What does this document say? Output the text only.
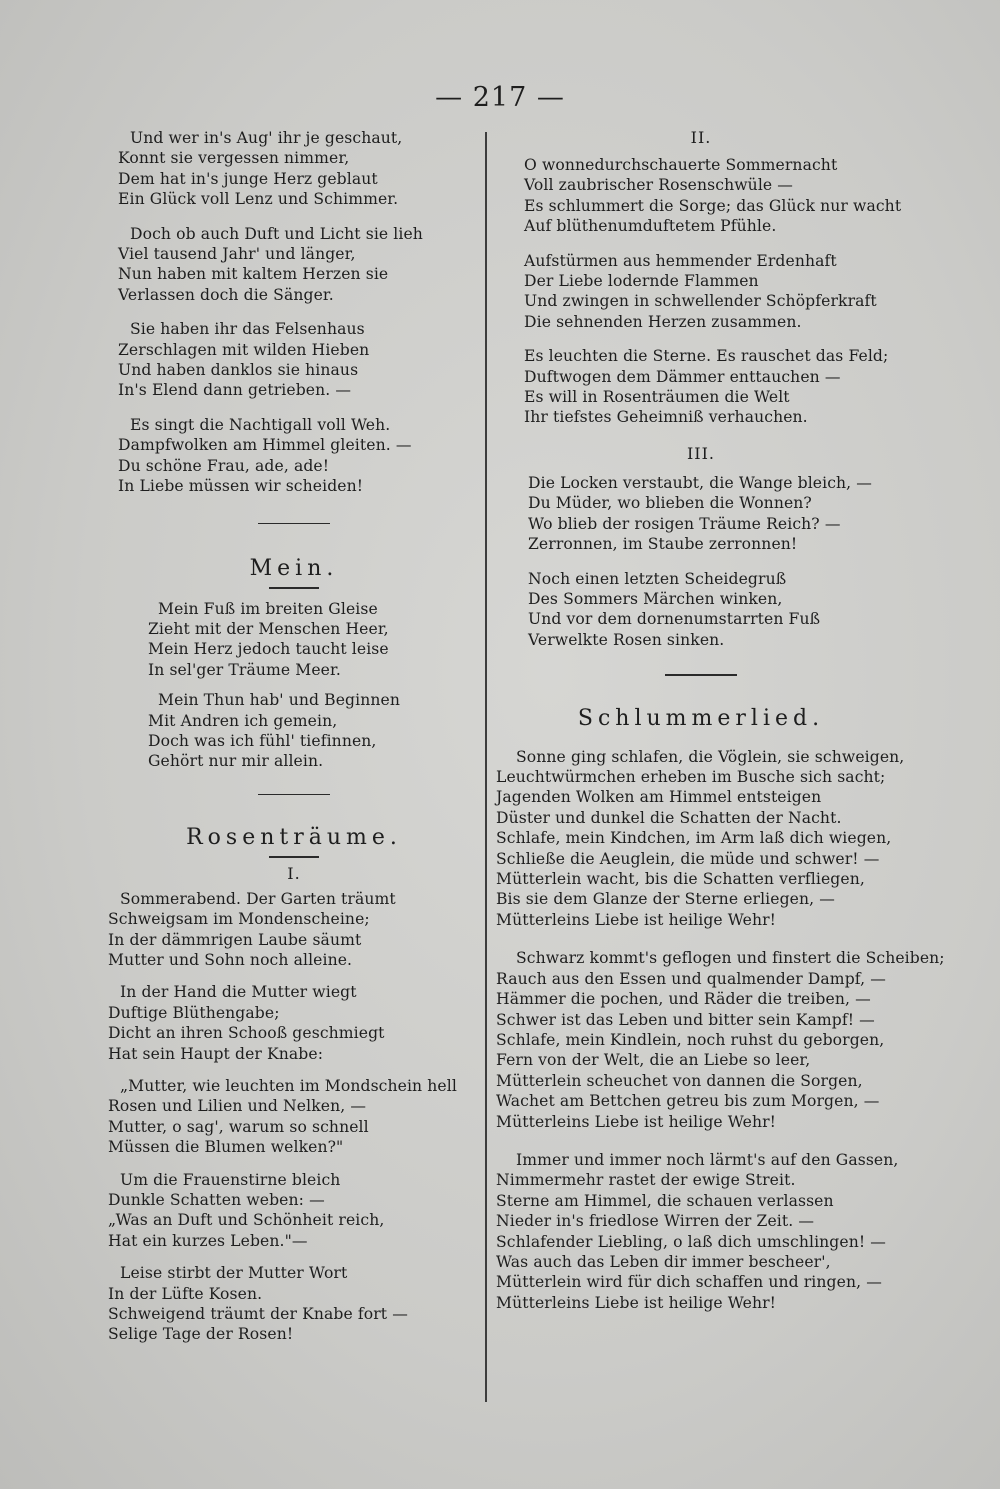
— 217 —
Und wer in's Aug' ihr je geschaut,
Konnt sie vergessen nimmer,
Dem hat in's junge Herz geblaut
Ein Glück voll Lenz und Schimmer.
Doch ob auch Duft und Licht sie lieh
Viel tausend Jahr' und länger,
Nun haben mit kaltem Herzen sie
Verlassen doch die Sänger.
Sie haben ihr das Felsenhaus
Zerschlagen mit wilden Hieben
Und haben danklos sie hinaus
In's Elend dann getrieben. —
Es singt die Nachtigall voll Weh.
Dampfwolken am Himmel gleiten. —
Du schöne Frau, ade, ade!
In Liebe müssen wir scheiden!
Mein.
Mein Fuß im breiten Gleise
Zieht mit der Menschen Heer,
Mein Herz jedoch taucht leise
In sel'ger Träume Meer.
Mein Thun hab' und Beginnen
Mit Andren ich gemein,
Doch was ich fühl' tiefinnen,
Gehört nur mir allein.
Rosenträume.
I.
Sommerabend. Der Garten träumt
Schweigsam im Mondenscheine;
In der dämmrigen Laube säumt
Mutter und Sohn noch alleine.
In der Hand die Mutter wiegt
Duftige Blüthengabe;
Dicht an ihren Schooß geschmiegt
Hat sein Haupt der Knabe:
„Mutter, wie leuchten im Mondschein hell
Rosen und Lilien und Nelken, —
Mutter, o sag', warum so schnell
Müssen die Blumen welken?"
Um die Frauenstirne bleich
Dunkle Schatten weben: —
„Was an Duft und Schönheit reich,
Hat ein kurzes Leben."—
Leise stirbt der Mutter Wort
In der Lüfte Kosen.
Schweigend träumt der Knabe fort —
Selige Tage der Rosen!
II.
O wonnedurchschauerte Sommernacht
Voll zaubrischer Rosenschwüle —
Es schlummert die Sorge; das Glück nur wacht
Auf blüthenumduftetem Pfühle.
Aufstürmen aus hemmender Erdenhaft
Der Liebe lodernde Flammen
Und zwingen in schwellender Schöpferkraft
Die sehnenden Herzen zusammen.
Es leuchten die Sterne. Es rauschet das Feld;
Duftwogen dem Dämmer enttauchen —
Es will in Rosenträumen die Welt
Ihr tiefstes Geheimniß verhauchen.
III.
Die Locken verstaubt, die Wange bleich, —
Du Müder, wo blieben die Wonnen?
Wo blieb der rosigen Träume Reich? —
Zerronnen, im Staube zerronnen!
Noch einen letzten Scheidegruß
Des Sommers Märchen winken,
Und vor dem dornenumstarrten Fuß
Verwelkte Rosen sinken.
Schlummerlied.
Sonne ging schlafen, die Vöglein, sie schweigen,
Leuchtwürmchen erheben im Busche sich sacht;
Jagenden Wolken am Himmel entsteigen
Düster und dunkel die Schatten der Nacht.
Schlafe, mein Kindchen, im Arm laß dich wiegen,
Schließe die Aeuglein, die müde und schwer! —
Mütterlein wacht, bis die Schatten verfliegen,
Bis sie dem Glanze der Sterne erliegen, —
Mütterleins Liebe ist heilige Wehr!
Schwarz kommt's geflogen und finstert die Scheiben;
Rauch aus den Essen und qualmender Dampf, —
Hämmer die pochen, und Räder die treiben, —
Schwer ist das Leben und bitter sein Kampf! —
Schlafe, mein Kindlein, noch ruhst du geborgen,
Fern von der Welt, die an Liebe so leer,
Mütterlein scheuchet von dannen die Sorgen,
Wachet am Bettchen getreu bis zum Morgen, —
Mütterleins Liebe ist heilige Wehr!
Immer und immer noch lärmt's auf den Gassen,
Nimmermehr rastet der ewige Streit.
Sterne am Himmel, die schauen verlassen
Nieder in's friedlose Wirren der Zeit. —
Schlafender Liebling, o laß dich umschlingen! —
Was auch das Leben dir immer bescheer',
Mütterlein wird für dich schaffen und ringen, —
Mütterleins Liebe ist heilige Wehr!
